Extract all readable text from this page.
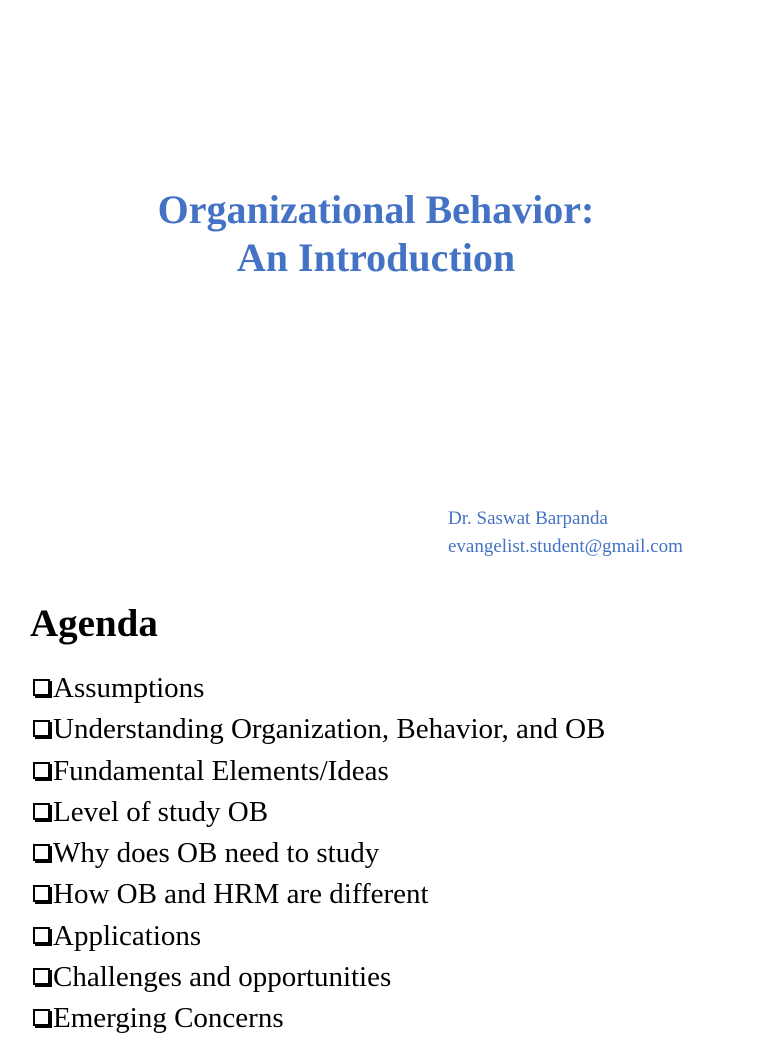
Organizational Behavior:
An Introduction
Dr. Saswat Barpanda
evangelist.student@gmail.com
Agenda
Assumptions
Understanding Organization, Behavior, and OB
Fundamental Elements/Ideas
Level of study OB
Why does OB need to study
How OB and HRM are different
Applications
Challenges and opportunities
Emerging Concerns
